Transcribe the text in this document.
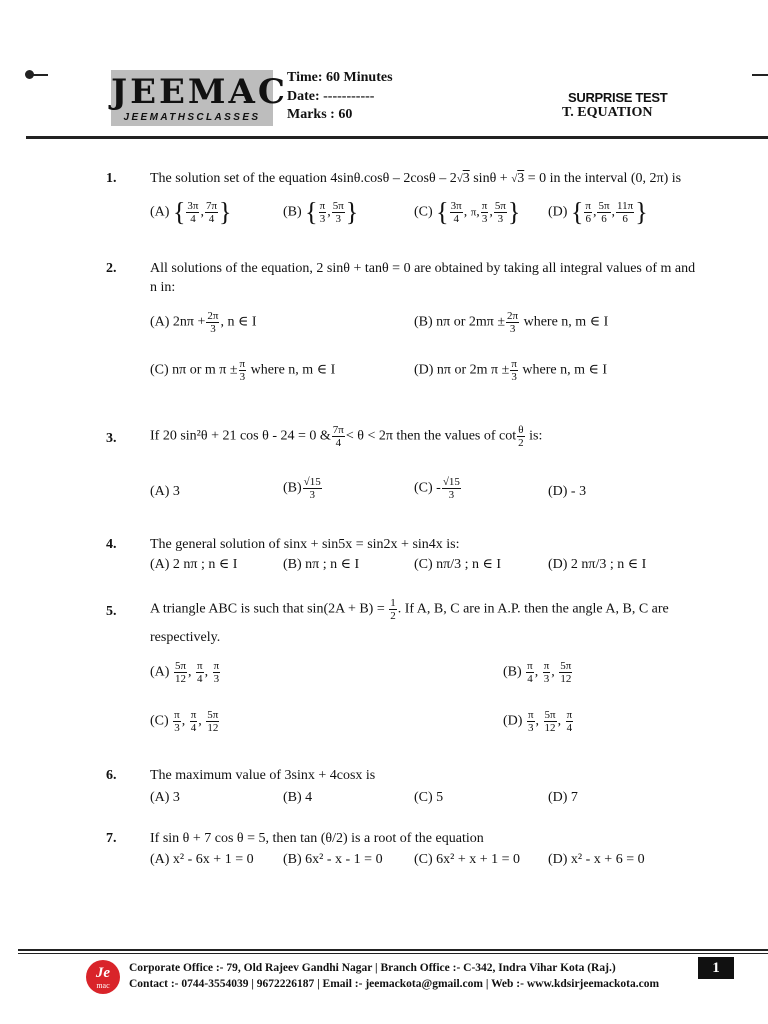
JEEMAC
JEEMATHSCLASSES
Time: 60 Minutes
Date: -----------
Marks : 60
SURPRISE TEST
T. EQUATION
1. The solution set of the equation 4sinθ.cosθ – 2cosθ – 2√3 sinθ + √3 = 0 in the interval (0, 2π) is
(A) { $\frac{3\pi}{4}$ , $\frac{7\pi}{4}$ }	(B) { $\frac{\pi}{3}$ , $\frac{5\pi}{3}$ }	(C) { $\frac{3\pi}{4}$ , π, $\frac{\pi}{3}$ , $\frac{5\pi}{3}$ } (D) { $\frac{\pi}{6}$ , $\frac{5\pi}{6}$ , $\frac{11\pi}{6}$ }
2. All solutions of the equation, 2 sinθ + tanθ = 0 are obtained by taking all integral values of m and
n in:
(A) $2n\pi + \frac{2\pi}{3}$ , n ∈ I	(B) nπ or $2m\pi \pm \frac{2\pi}{3}$ where n, m ∈ I
(C) nπ or m $\pi \pm \frac{\pi}{3}$ where n, m ∈ I	(D) nπ or 2m $\pi \pm \frac{\pi}{3}$ where n, m ∈ I
3. If 20 sin²θ + 21 cos θ - 24 = 0 & $\frac{7\pi}{4} < \theta < 2\pi$ then the values of $\cot \frac{\theta}{2}$ is:
(A) 3	$(B) \frac{√15}{3}$	$(C) - \frac{√15}{3}$	(D) - 3
4. The general solution of sinx + sin5x = sin2x + sin4x is:
(A) 2 nπ ; n ∈ I	(B) nπ ; n ∈ I	(C) nπ/3 ; n ∈ I	(D) 2 nπ/3 ; n ∈ I
5. A triangle ABC is such that $\sin(2A + B) = \frac{1}{2}$ . If A, B, C are in A.P. then the angle A, B, C are
respectively.
$(A) \frac{5\pi}{12}$ , $\frac{\pi}{4}$ , $\frac{\pi}{3}$	$(B) \frac{\pi}{4}$ , $\frac{\pi}{3}$ , $\frac{5\pi}{12}$
$(C) \frac{\pi}{3}$ , $\frac{\pi}{4}$ , $\frac{5\pi}{12}$	$(D) \frac{\pi}{3}$ , $\frac{5\pi}{12}$ , $\frac{\pi}{4}$
6. The maximum value of 3sinx + 4cosx is
(A) 3	(B) 4	(C) 5	(D) 7
7. If sin θ + 7 cos θ = 5, then tan (θ/2) is a root of the equation
(A) x² - 6x + 1 = 0 (B) 6x² - x - 1 = 0 (C) 6x² + x + 1 = 0 (D) x² - x + 6 = 0
Je
mac
Corporate Office :- 79, Old Rajeev Gandhi Nagar | Branch Office :- C-342, Indra Vihar Kota (Raj.)
Contact :- 0744-3554039 | 9672226187 | Email :- jeemackota@gmail.com | Web :- www.kdsirjeemackota.com
1
